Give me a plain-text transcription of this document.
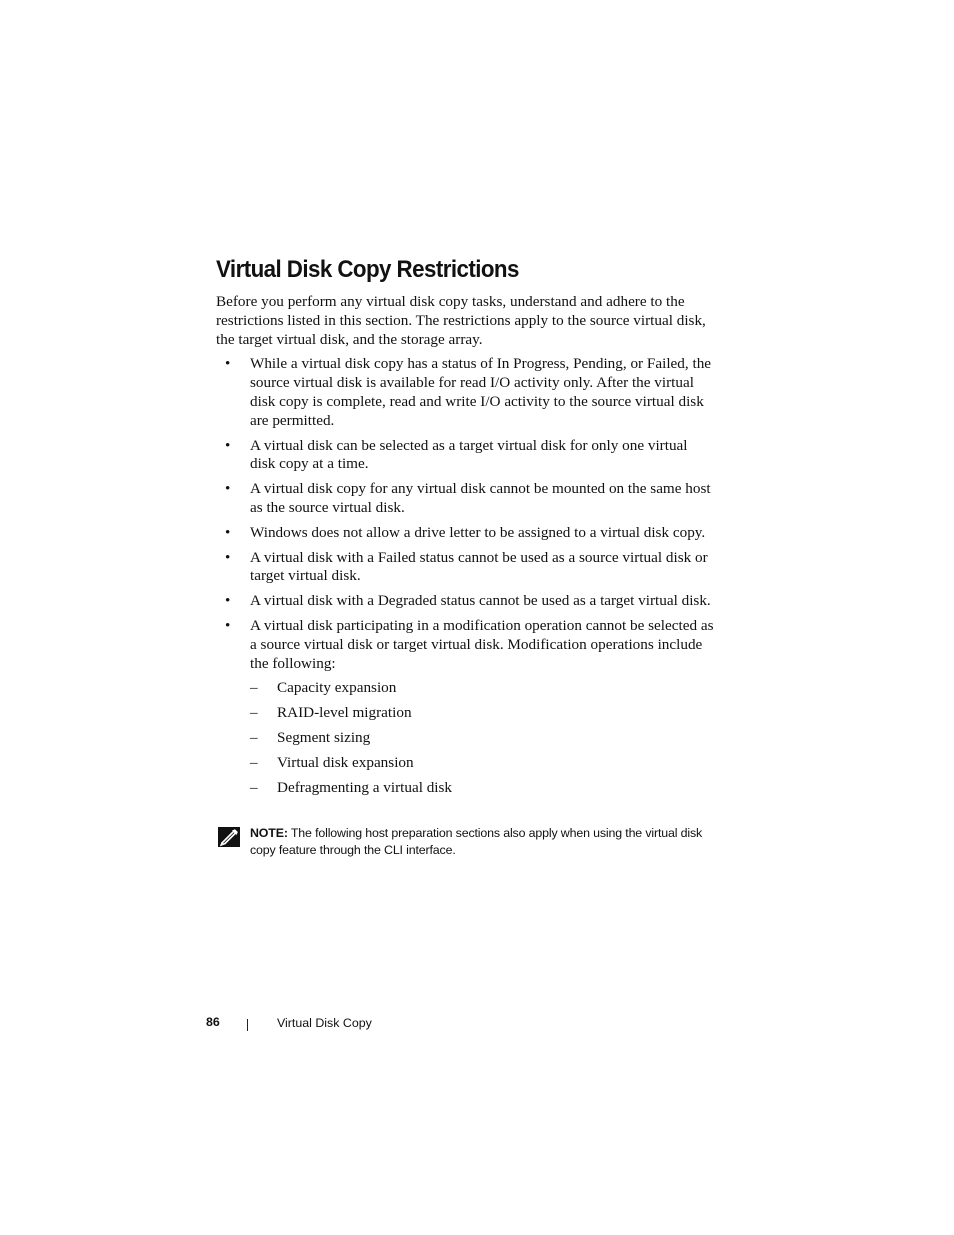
Virtual Disk Copy Restrictions

Before you perform any virtual disk copy tasks, understand and adhere to the restrictions listed in this section. The restrictions apply to the source virtual disk, the target virtual disk, and the storage array.

• While a virtual disk copy has a status of In Progress, Pending, or Failed, the source virtual disk is available for read I/O activity only. After the virtual disk copy is complete, read and write I/O activity to the source virtual disk are permitted.
• A virtual disk can be selected as a target virtual disk for only one virtual disk copy at a time.
• A virtual disk copy for any virtual disk cannot be mounted on the same host as the source virtual disk.
• Windows does not allow a drive letter to be assigned to a virtual disk copy.
• A virtual disk with a Failed status cannot be used as a source virtual disk or target virtual disk.
• A virtual disk with a Degraded status cannot be used as a target virtual disk.
• A virtual disk participating in a modification operation cannot be selected as a source virtual disk or target virtual disk. Modification operations include the following:
– Capacity expansion
– RAID-level migration
– Segment sizing
– Virtual disk expansion
– Defragmenting a virtual disk
NOTE: The following host preparation sections also apply when using the virtual disk copy feature through the CLI interface.
86	Virtual Disk Copy
